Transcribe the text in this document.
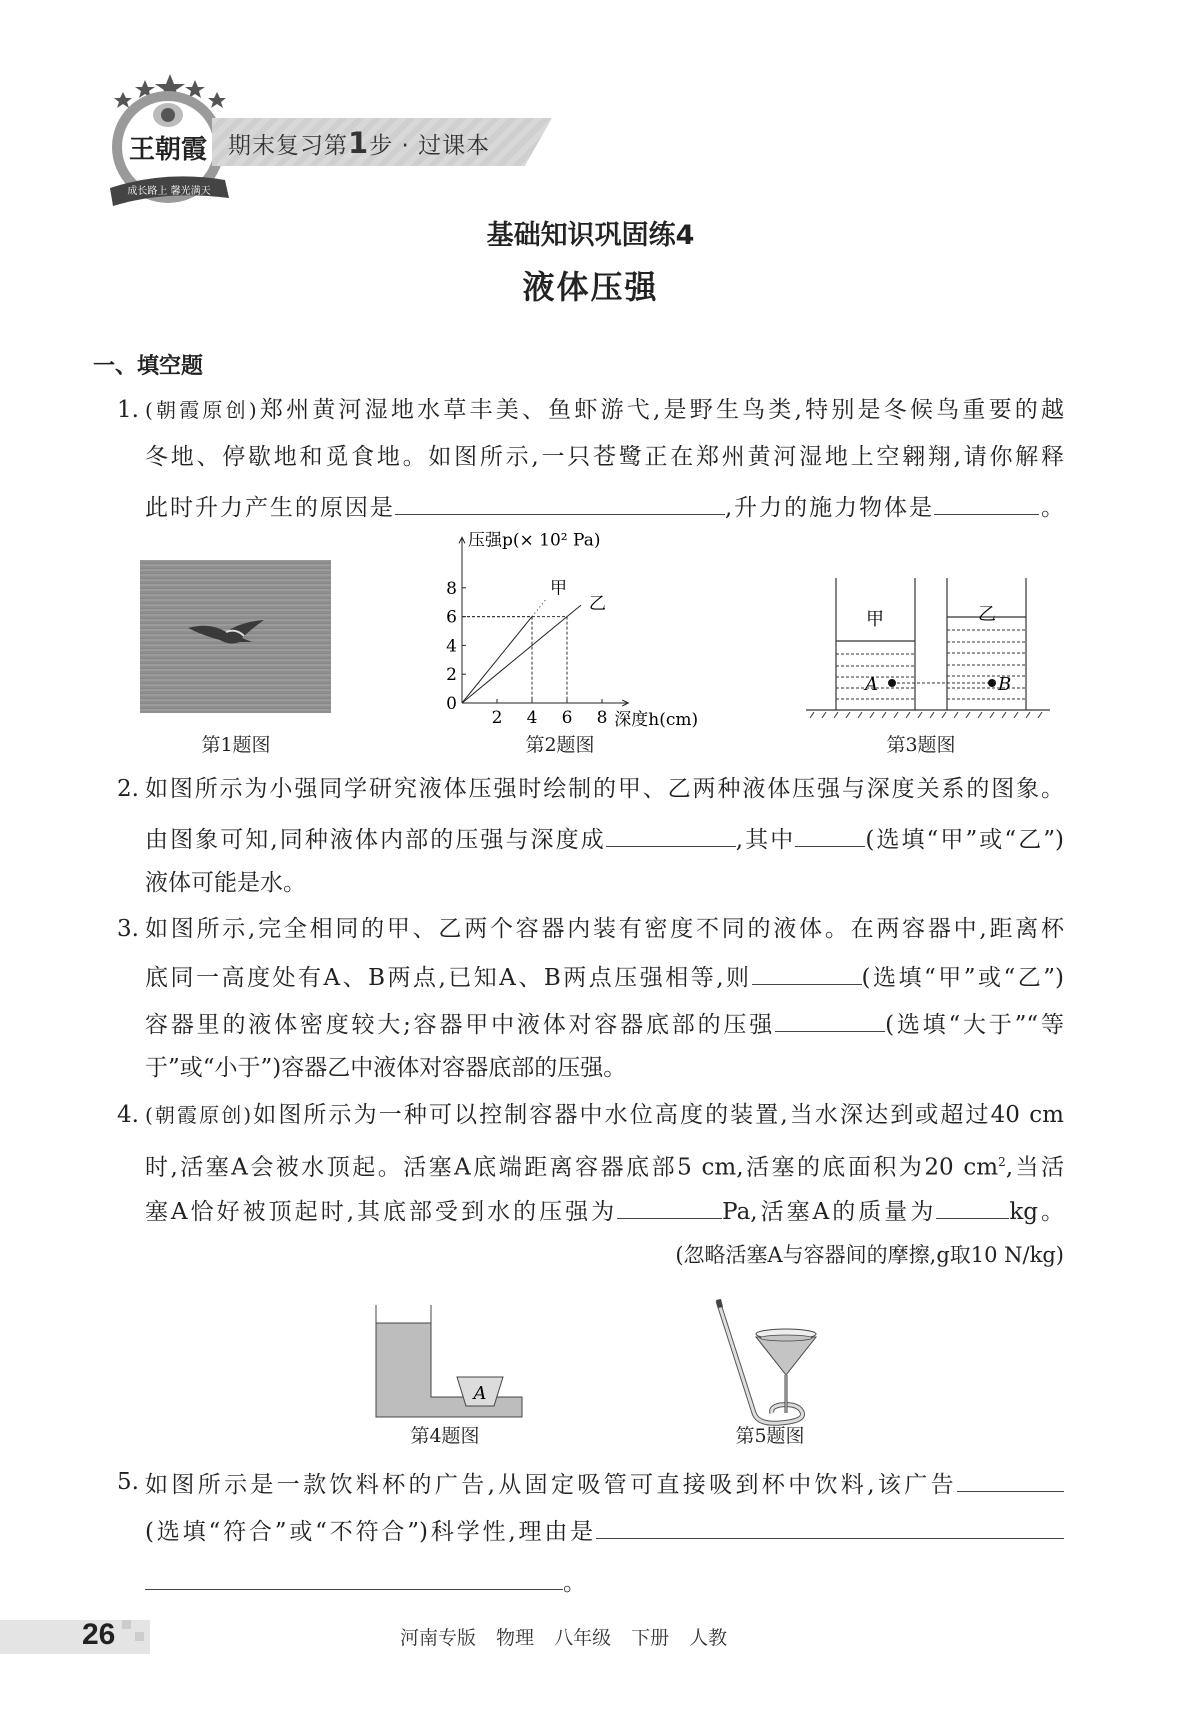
王朝霞
成长路上 馨光满天
期末复习第1步 · 过课本
基础知识巩固练4
液体压强
一、填空题
1. (朝霞原创)郑州黄河湿地水草丰美、鱼虾游弋,是野生鸟类,特别是冬候鸟重要的越
冬地、停歇地和觅食地。如图所示,一只苍鹭正在郑州黄河湿地上空翱翔,请你解释
此时升力产生的原因是	,升力的施力物体是	。
第1题图
2 4 6 8
0
2
4
6
8
压强p(× 10² Pa)
深度h(cm)
甲
乙
第2题图
甲	乙
A	B
第3题图
2. 如图所示为小强同学研究液体压强时绘制的甲、乙两种液体压强与深度关系的图象。
由图象可知,同种液体内部的压强与深度成	,其中	(选填“甲”或“乙”)
液体可能是水。
3. 如图所示,完全相同的甲、乙两个容器内装有密度不同的液体。在两容器中,距离杯
底同一高度处有A、B两点,已知A、B两点压强相等,则	(选填“甲”或“乙”)
容器里的液体密度较大;容器甲中液体对容器底部的压强	(选填“大于”“等
于”或“小于”)容器乙中液体对容器底部的压强。
4. (朝霞原创)如图所示为一种可以控制容器中水位高度的装置,当水深达到或超过40 cm
时,活塞A会被水顶起。活塞A底端距离容器底部5 cm,活塞的底面积为20 $cm^2$,当活
塞A恰好被顶起时,其底部受到水的压强为	Pa,活塞A的质量为	kg。
(忽略活塞A与容器间的摩擦,g取10 N/kg)
A
第4题图	第5题图
5. 如图所示是一款饮料杯的广告,从固定吸管可直接吸到杯中饮料,该广告
(选填“符合”或“不符合”)科学性,理由是
。
26	河南专版 物理 八年级 下册 人教
